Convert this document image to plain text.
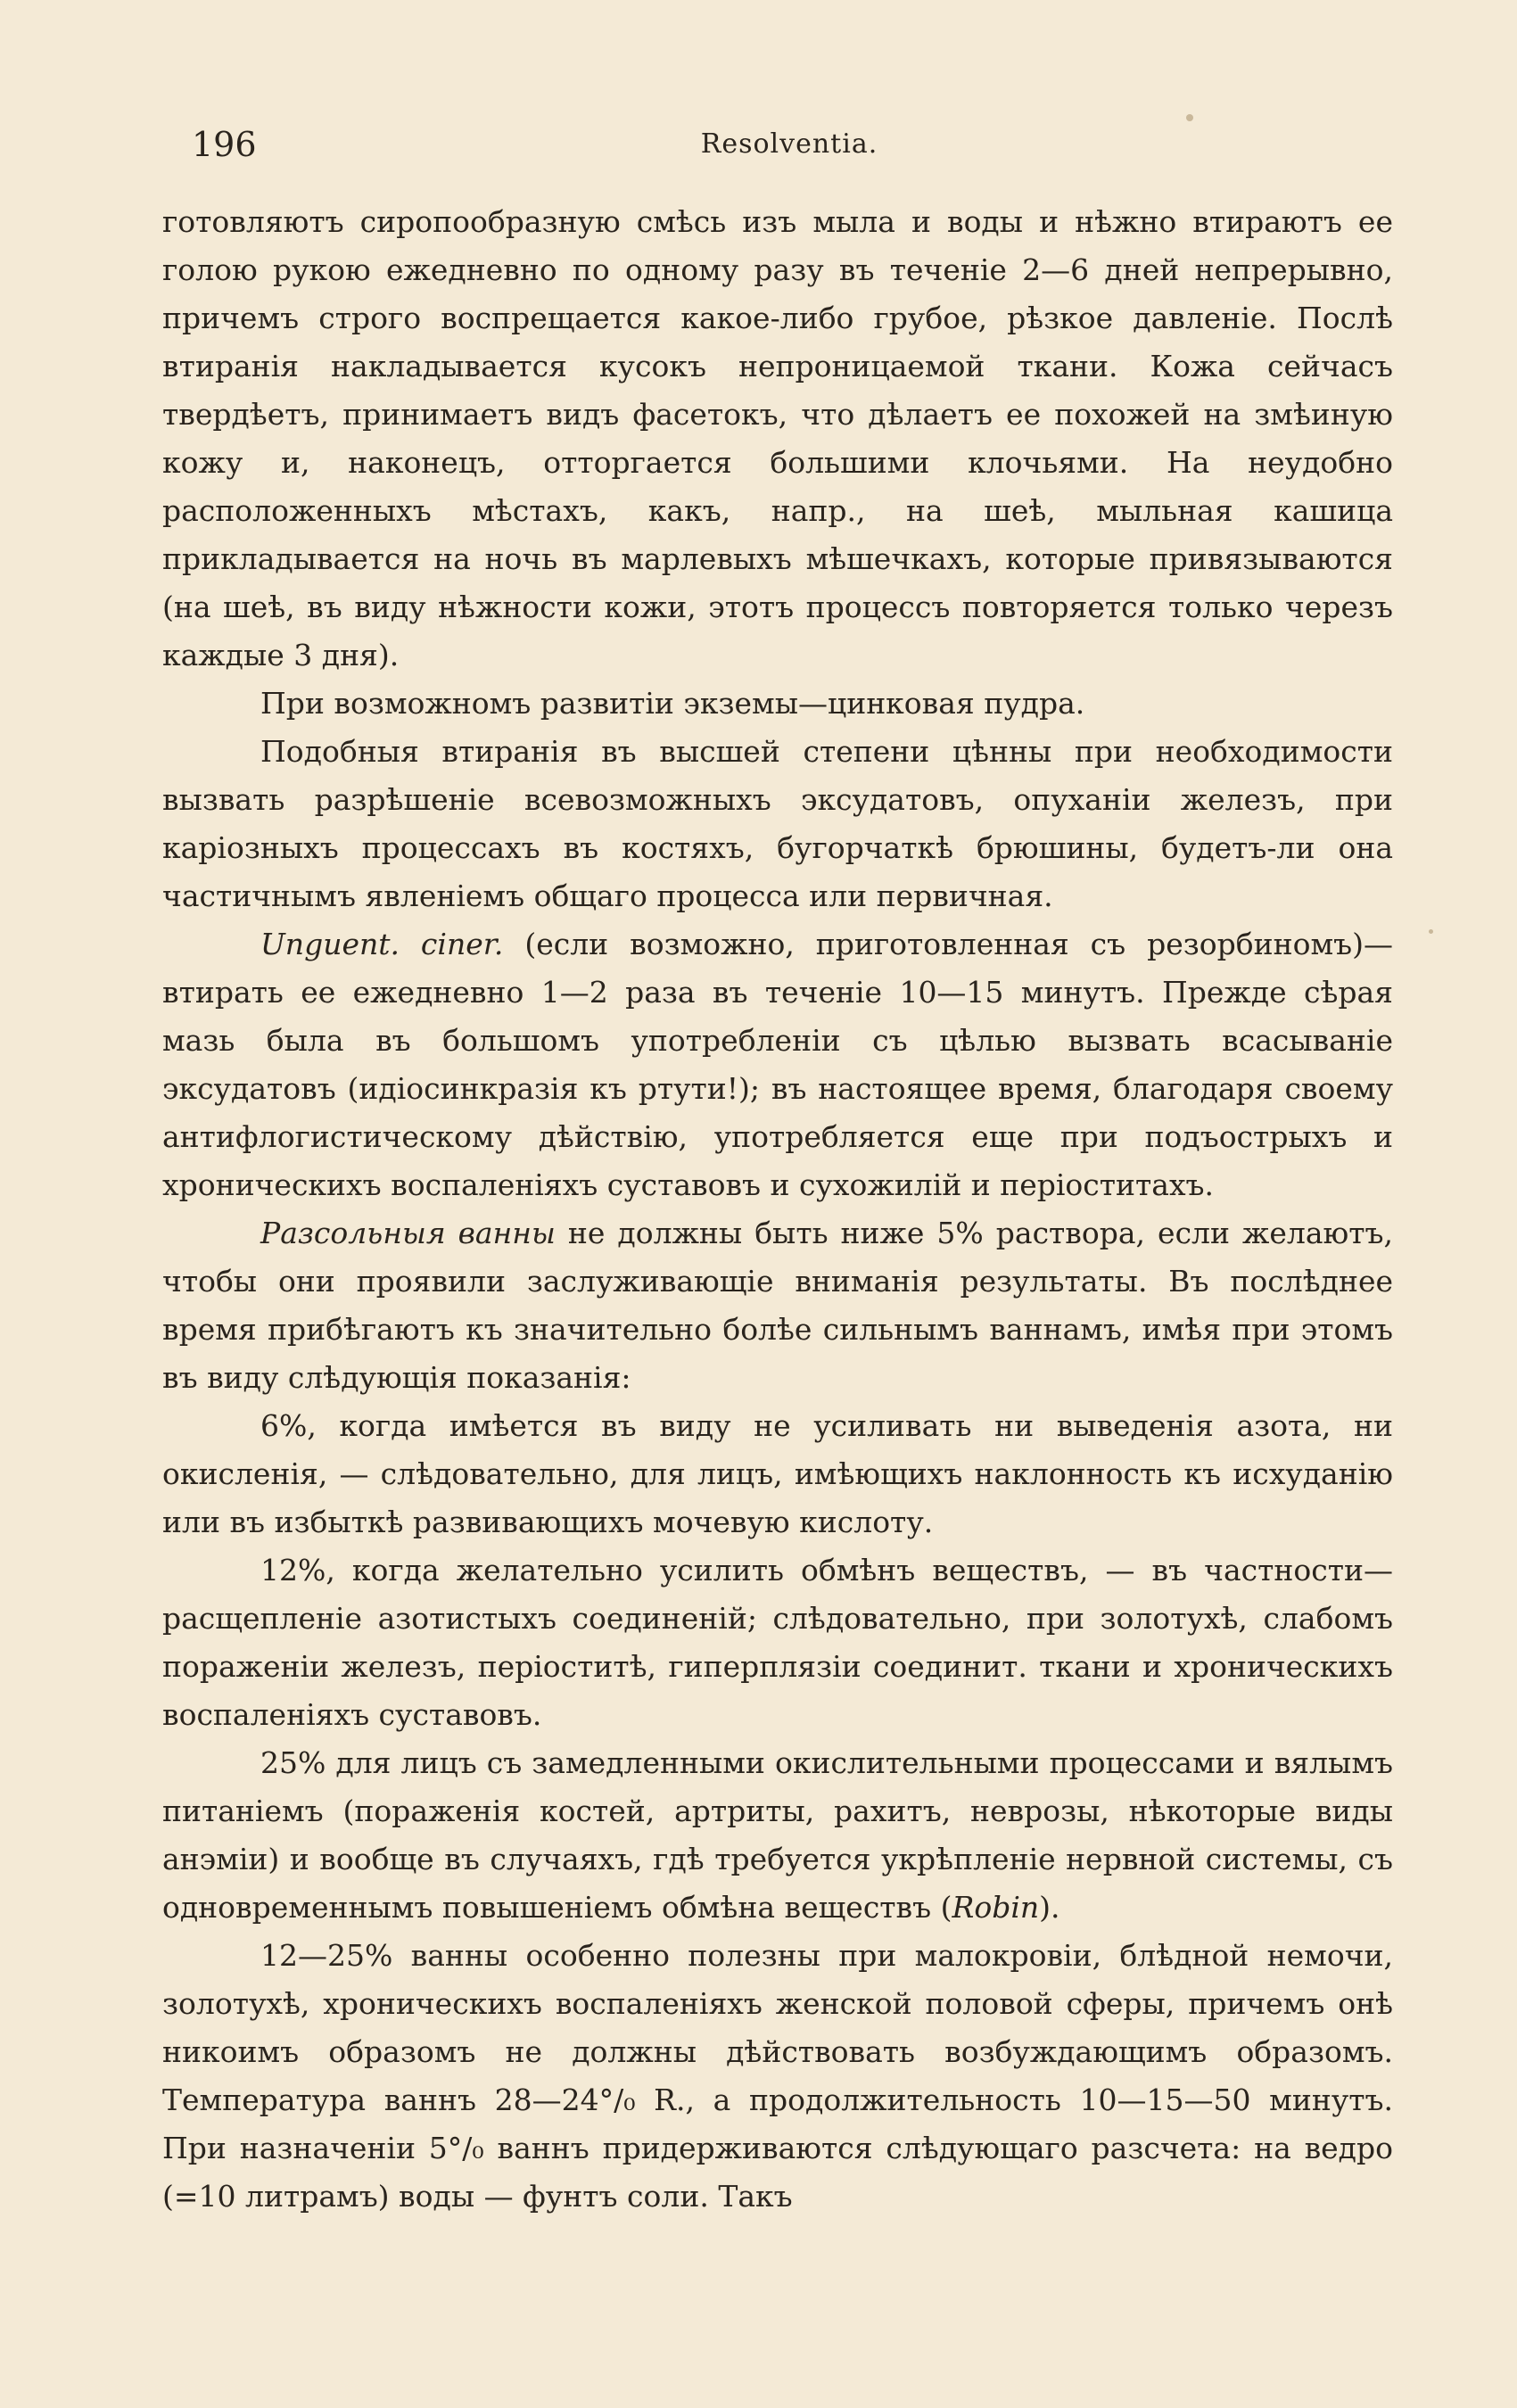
196	Resolventia.

готовляютъ сиропообразную смѣсь изъ мыла и воды и нѣжно втираютъ ее голою рукою ежедневно по одному разу въ теченіе 2—6 дней непрерывно, причемъ строго воспрещается какое-либо грубое, рѣзкое давленіе. Послѣ втиранія накладывается кусокъ непроницаемой ткани. Кожа сейчасъ твердѣетъ, принимаетъ видъ фасетокъ, что дѣлаетъ ее похожей на змѣиную кожу и, наконецъ, отторгается большими клочьями. На неудобно расположенныхъ мѣстахъ, какъ, напр., на шеѣ, мыльная кашица прикладывается на ночь въ марлевыхъ мѣшечкахъ, которые привязываются (на шеѣ, въ виду нѣжности кожи, этотъ процессъ повторяется только черезъ каждые 3 дня).

При возможномъ развитіи экземы—цинковая пудра.

Подобныя втиранія въ высшей степени цѣнны при необходимости вызвать разрѣшеніе всевозможныхъ эксудатовъ, опуханіи железъ, при каріозныхъ процессахъ въ костяхъ, бугорчаткѣ брюшины, будетъ-ли она частичнымъ явленіемъ общаго процесса или первичная.

Unguent. ciner. (если возможно, приготовленная съ резорбиномъ)—втирать ее ежедневно 1—2 раза въ теченіе 10—15 минутъ. Прежде сѣрая мазь была въ большомъ употребленіи съ цѣлью вызвать всасываніе эксудатовъ (идіосинкразія къ ртути!); въ настоящее время, благодаря своему антифлогистическому дѣйствію, употребляется еще при подъострыхъ и хроническихъ воспаленіяхъ суставовъ и сухожилій и періоститахъ.

Разсольныя ванны не должны быть ниже 5% раствора, если желаютъ, чтобы они проявили заслуживающіе вниманія результаты. Въ послѣднее время прибѣгаютъ къ значительно болѣе сильнымъ ваннамъ, имѣя при этомъ въ виду слѣдующія показанія:

6%, когда имѣется въ виду не усиливать ни выведенія азота, ни окисленія, — слѣдовательно, для лицъ, имѣющихъ наклонность къ исхуданію или въ избыткѣ развивающихъ мочевую кислоту.

12%, когда желательно усилить обмѣнъ веществъ, — въ частности—расщепленіе азотистыхъ соединеній; слѣдовательно, при золотухѣ, слабомъ пораженіи железъ, періоститѣ, гиперплязіи соединит. ткани и хроническихъ воспаленіяхъ суставовъ.

25% для лицъ съ замедленными окислительными процессами и вялымъ питаніемъ (пораженія костей, артриты, рахитъ, неврозы, нѣкоторые виды анэміи) и вообще въ случаяхъ, гдѣ требуется укрѣпленіе нервной системы, съ одновременнымъ повышеніемъ обмѣна веществъ (Robin).

12—25% ванны особенно полезны при малокровіи, блѣдной немочи, золотухѣ, хроническихъ воспаленіяхъ женской половой сферы, причемъ онѣ никоимъ образомъ не должны дѣйствовать возбуждающимъ образомъ. Температура ваннъ 28—24°/₀ R., а продолжительность 10—15—50 минутъ. При назначеніи 5°/₀ ваннъ придерживаются слѣдующаго разсчета: на ведро (=10 литрамъ) воды — фунтъ соли. Такъ
